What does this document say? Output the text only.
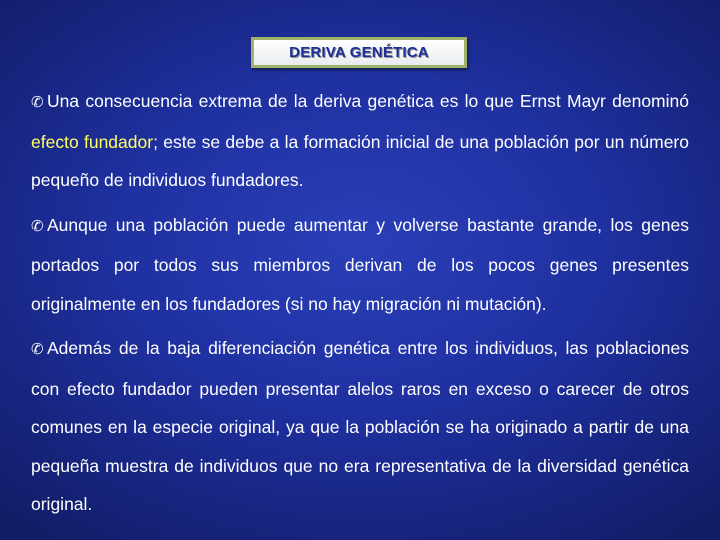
DERIVA GENÉTICA

✆ Una consecuencia extrema de la deriva genética es lo que Ernst Mayr denominó efecto fundador; este se debe a la formación inicial de una población por un número pequeño de individuos fundadores.

✆ Aunque una población puede aumentar y volverse bastante grande, los genes portados por todos sus miembros derivan de los pocos genes presentes originalmente en los fundadores (si no hay migración ni mutación).

✆ Además de la baja diferenciación genética entre los individuos, las poblaciones con efecto fundador pueden presentar alelos raros en exceso o carecer de otros comunes en la especie original, ya que la población se ha originado a partir de una pequeña muestra de individuos que no era representativa de la diversidad genética original.
